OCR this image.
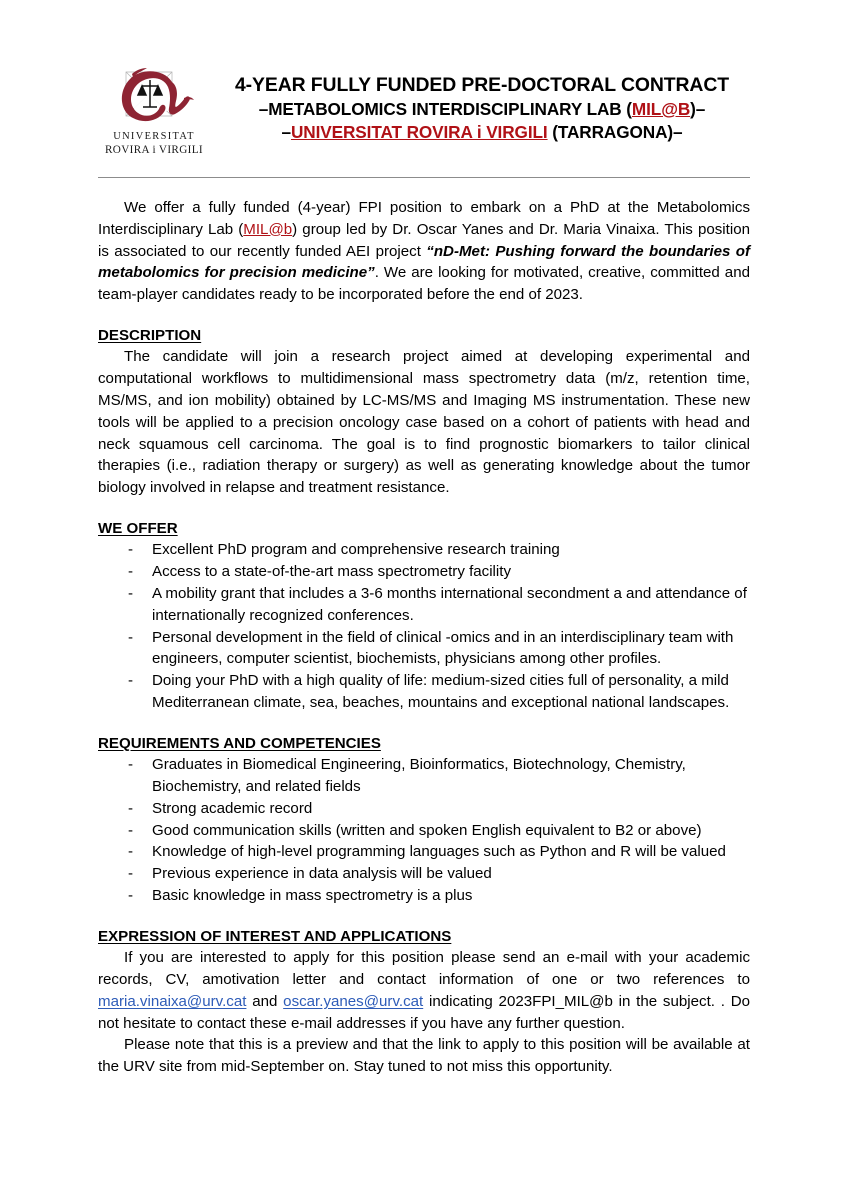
UNIVERSITAT
ROVIRA i VIRGILI
4-YEAR FULLY FUNDED PRE-DOCTORAL CONTRACT
–METABOLOMICS INTERDISCIPLINARY LAB (MIL@B)–
–UNIVERSITAT ROVIRA i VIRGILI (TARRAGONA)–

We offer a fully funded (4-year) FPI position to embark on a PhD at the Metabolomics Interdisciplinary Lab (MIL@b) group led by Dr. Oscar Yanes and Dr. Maria Vinaixa. This position is associated to our recently funded AEI project “nD-Met: Pushing forward the boundaries of metabolomics for precision medicine”. We are looking for motivated, creative, committed and team-player candidates ready to be incorporated before the end of 2023.

DESCRIPTION

The candidate will join a research project aimed at developing experimental and computational workflows to multidimensional mass spectrometry data (m/z, retention time, MS/MS, and ion mobility) obtained by LC-MS/MS and Imaging MS instrumentation. These new tools will be applied to a precision oncology case based on a cohort of patients with head and neck squamous cell carcinoma. The goal is to find prognostic biomarkers to tailor clinical therapies (i.e., radiation therapy or surgery) as well as generating knowledge about the tumor biology involved in relapse and treatment resistance.

WE OFFER
- Excellent PhD program and comprehensive research training
- Access to a state-of-the-art mass spectrometry facility
- A mobility grant that includes a 3-6 months international secondment a and attendance of internationally recognized conferences.
- Personal development in the field of clinical -omics and in an interdisciplinary team with engineers, computer scientist, biochemists, physicians among other profiles.
- Doing your PhD with a high quality of life: medium-sized cities full of personality, a mild Mediterranean climate, sea, beaches, mountains and exceptional national landscapes.
REQUIREMENTS AND COMPETENCIES
- Graduates in Biomedical Engineering, Bioinformatics, Biotechnology, Chemistry, Biochemistry, and related fields
- Strong academic record
- Good communication skills (written and spoken English equivalent to B2 or above)
- Knowledge of high-level programming languages such as Python and R will be valued
- Previous experience in data analysis will be valued
- Basic knowledge in mass spectrometry is a plus
EXPRESSION OF INTEREST AND APPLICATIONS

If you are interested to apply for this position please send an e-mail with your academic records, CV, amotivation letter and contact information of one or two references to maria.vinaixa@urv.cat and oscar.yanes@urv.cat indicating 2023FPI_MIL@b in the subject. . Do not hesitate to contact these e-mail addresses if you have any further question.

Please note that this is a preview and that the link to apply to this position will be available at the URV site from mid-September on. Stay tuned to not miss this opportunity.
